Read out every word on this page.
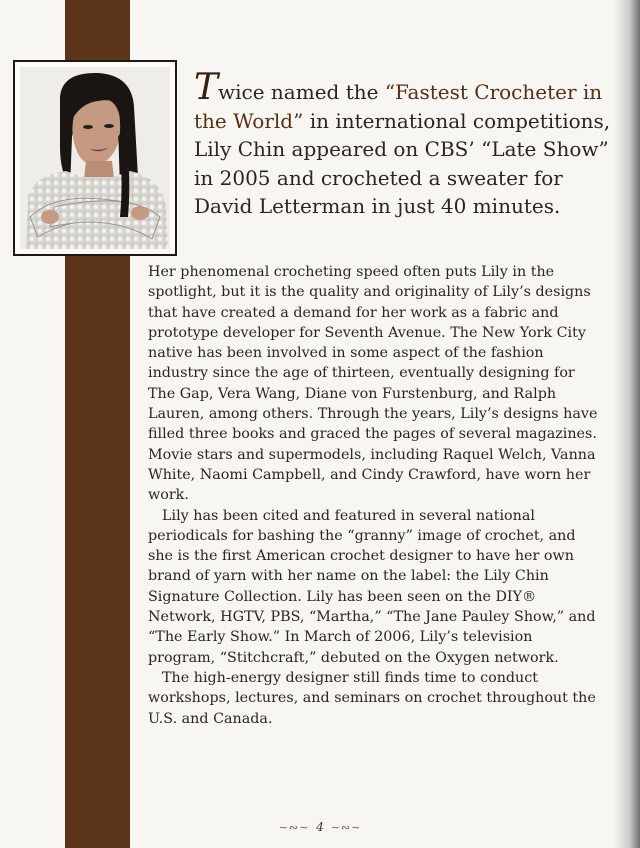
Twice named the “Fastest Crocheter in the World” in international competitions, Lily Chin appeared on CBS’ “Late Show” in 2005 and crocheted a sweater for David Letterman in just 40 minutes.

Her phenomenal crocheting speed often puts Lily in the spotlight, but it is the quality and originality of Lily’s designs that have created a demand for her work as a fabric and prototype developer for Seventh Avenue. The New York City native has been involved in some aspect of the fashion industry since the age of thirteen, eventually designing for The Gap, Vera Wang, Diane von Furstenburg, and Ralph Lauren, among others. Through the years, Lily’s designs have filled three books and graced the pages of several magazines. Movie stars and supermodels, including Raquel Welch, Vanna White, Naomi Campbell, and Cindy Crawford, have worn her work.

Lily has been cited and featured in several national periodicals for bashing the “granny” image of crochet, and she is the first American crochet designer to have her own brand of yarn with her name on the label: the Lily Chin Signature Collection. Lily has been seen on the DIY® Network, HGTV, PBS, “Martha,” “The Jane Pauley Show,” and “The Early Show.” In March of 2006, Lily’s television program, “Stitchcraft,” debuted on the Oxygen network.

The high-energy designer still finds time to conduct workshops, lectures, and seminars on crochet throughout the U.S. and Canada.

∼∾∼ 4 ∼∾∼
